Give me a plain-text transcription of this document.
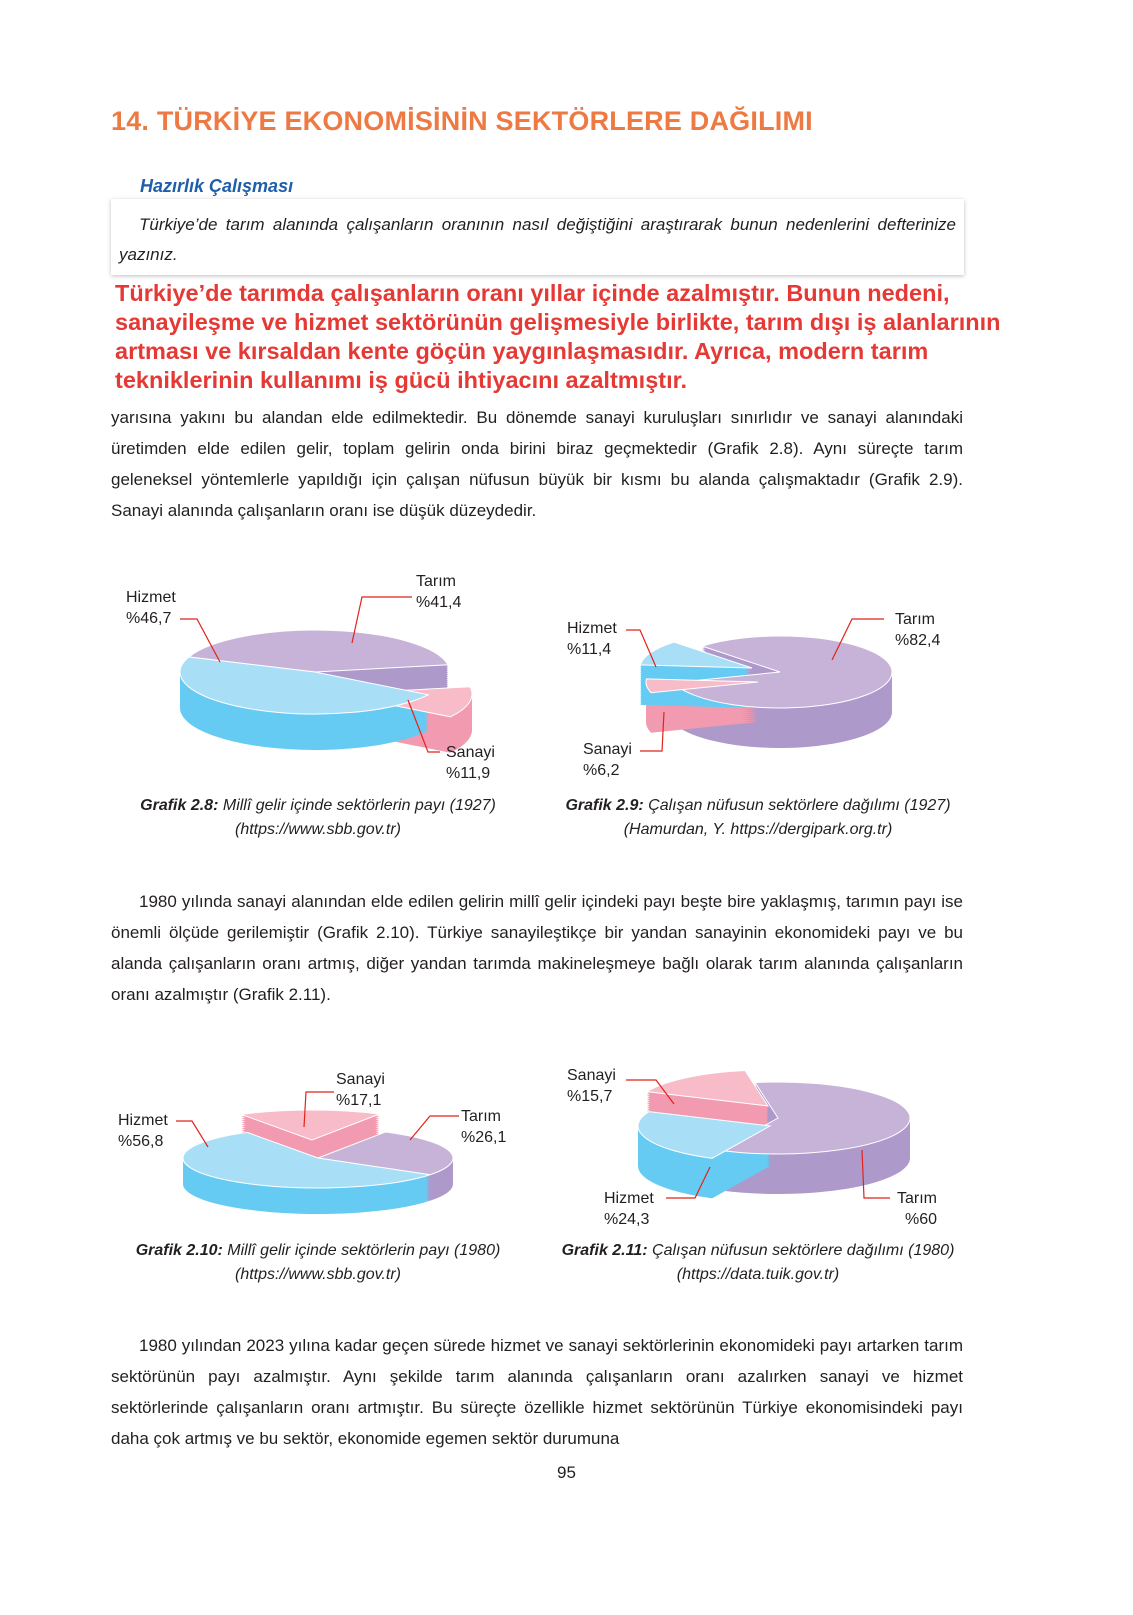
14. TÜRKİYE EKONOMİSİNİN SEKTÖRLERE DAĞILIMI
Hazırlık Çalışması

Türkiye’de tarım alanında çalışanların oranının nasıl değiştiğini araştırarak bunun nedenlerini defterinize yazınız.

Türkiye’de tarımda çalışanların oranı yıllar içinde azalmıştır. Bunun nedeni,
sanayileşme ve hizmet sektörünün gelişmesiyle birlikte, tarım dışı iş alanlarının
artması ve kırsaldan kente göçün yaygınlaşmasıdır. Ayrıca, modern tarım
tekniklerinin kullanımı iş gücü ihtiyacını azaltmıştır.

yarısına yakını bu alandan elde edilmektedir. Bu dönemde sanayi kuruluşları sınırlıdır ve sanayi alanındaki üretimden elde edilen gelir, toplam gelirin onda birini biraz geçmektedir (Grafik 2.8). Aynı süreçte tarım geleneksel yöntemlerle yapıldığı için çalışan nüfusun büyük bir kısmı bu alanda çalışmaktadır (Grafik 2.9). Sanayi alanında çalışanların oranı ise düşük düzeydedir.

Hizmet
%46,7
Tarım
%41,4
Sanayi
%11,9
Grafik 2.8: Millî gelir içinde sektörlerin payı (1927)
(https://www.sbb.gov.tr)
Hizmet
%11,4
Tarım
%82,4
Sanayi
%6,2
Grafik 2.9: Çalışan nüfusun sektörlere dağılımı (1927)
(Hamurdan, Y. https://dergipark.org.tr)

1980 yılında sanayi alanından elde edilen gelirin millî gelir içindeki payı beşte bire yaklaşmış, tarımın payı ise önemli ölçüde gerilemiştir (Grafik 2.10). Türkiye sanayileştikçe bir yandan sanayinin ekonomideki payı ve bu alanda çalışanların oranı artmış, diğer yandan tarımda makineleşmeye bağlı olarak tarım alanında çalışanların oranı azalmıştır (Grafik 2.11).

Hizmet
%56,8
Sanayi
%17,1
Tarım
%26,1
Grafik 2.10: Millî gelir içinde sektörlerin payı (1980)
(https://www.sbb.gov.tr)
Sanayi
%15,7
Hizmet
%24,3
Tarım
%60
Grafik 2.11: Çalışan nüfusun sektörlere dağılımı (1980)
(https://data.tuik.gov.tr)

1980 yılından 2023 yılına kadar geçen sürede hizmet ve sanayi sektörlerinin ekonomideki payı artarken tarım sektörünün payı azalmıştır. Aynı şekilde tarım alanında çalışanların oranı azalırken sanayi ve hizmet sektörlerinde çalışanların oranı artmıştır. Bu süreçte özellikle hizmet sektörünün Türkiye ekonomisindeki payı daha çok artmış ve bu sektör, ekonomide egemen sektör durumuna

95
